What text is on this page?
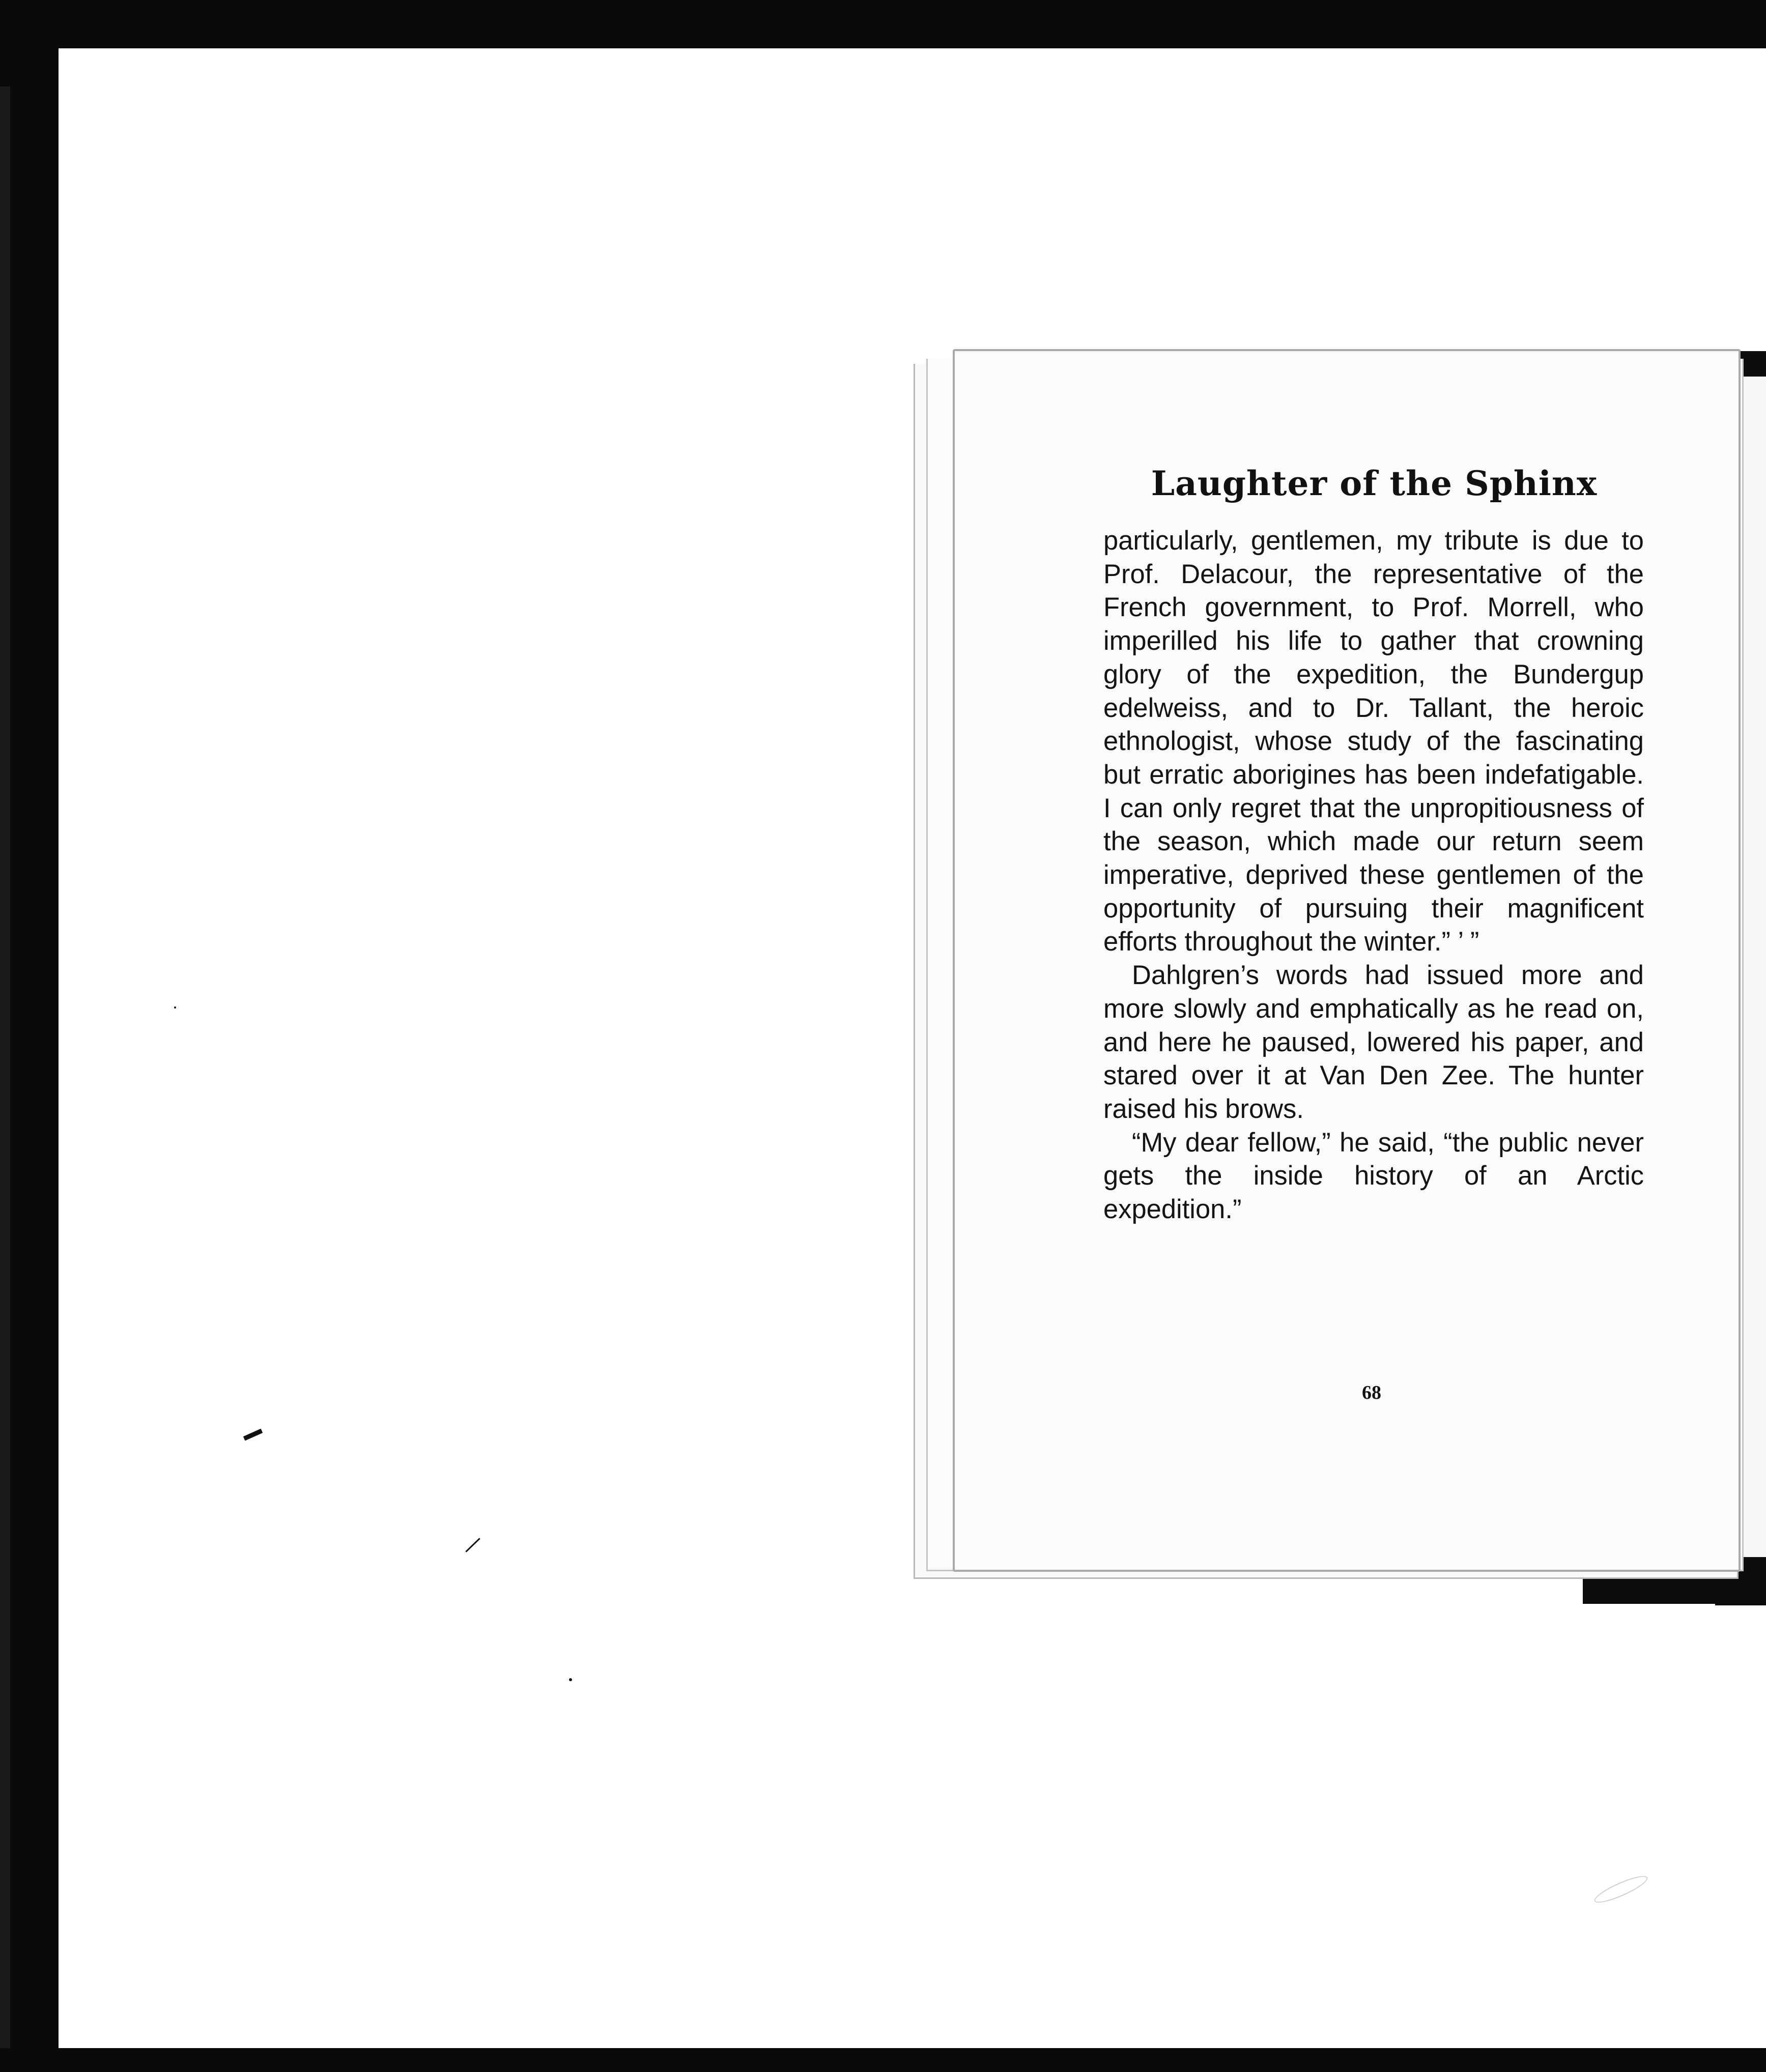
Laughter of the Sphinx

particularly, gentlemen, my tribute is due to Prof. Delacour, the representative of the French government, to Prof. Morrell, who imperilled his life to gather that crowning glory of the expedition, the Bundergup edelweiss, and to Dr. Tallant, the heroic ethnologist, whose study of the fascinating but erratic aborigines has been indefatigable. I can only regret that the unpropitiousness of the season, which made our return seem imperative, deprived these gentlemen of the opportunity of pursuing their magnificent efforts throughout the winter.” ’ ”

Dahlgren’s words had issued more and more slowly and emphatically as he read on, and here he paused, lowered his paper, and stared over it at Van Den Zee. The hunter raised his brows.

“My dear fellow,” he said, “the public never gets the inside history of an Arctic expedition.”

68
